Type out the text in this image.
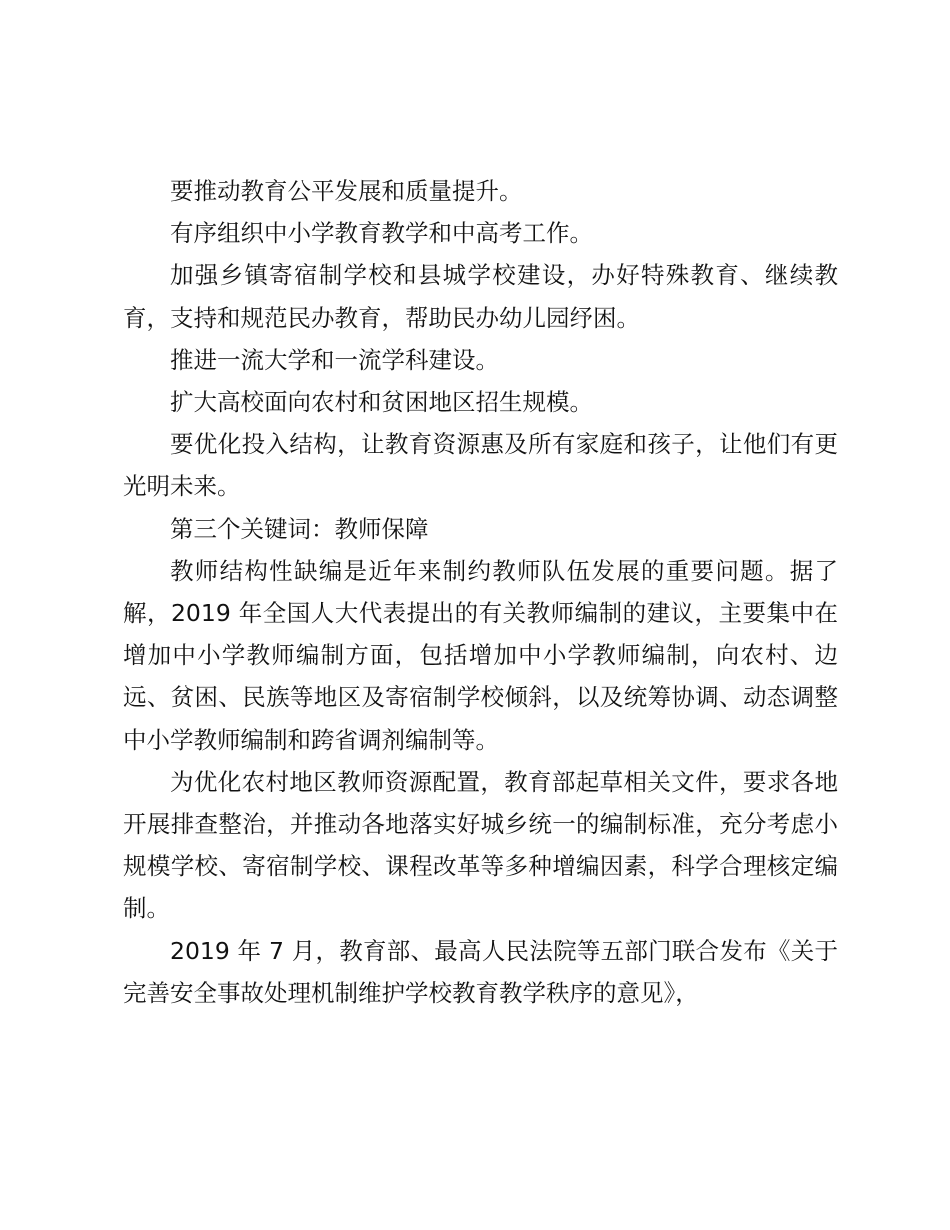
要推动教育公平发展和质量提升。

有序组织中小学教育教学和中高考工作。

加强乡镇寄宿制学校和县城学校建设，办好特殊教育、继续教育，支持和规范民办教育，帮助民办幼儿园纾困。

推进一流大学和一流学科建设。

扩大高校面向农村和贫困地区招生规模。

要优化投入结构，让教育资源惠及所有家庭和孩子，让他们有更光明未来。

第三个关键词：教师保障

教师结构性缺编是近年来制约教师队伍发展的重要问题。据了解，2019 年全国人大代表提出的有关教师编制的建议，主要集中在增加中小学教师编制方面，包括增加中小学教师编制，向农村、边远、贫困、民族等地区及寄宿制学校倾斜，以及统筹协调、动态调整中小学教师编制和跨省调剂编制等。

为优化农村地区教师资源配置，教育部起草相关文件，要求各地开展排查整治，并推动各地落实好城乡统一的编制标准，充分考虑小规模学校、寄宿制学校、课程改革等多种增编因素，科学合理核定编制。

2019 年 7 月，教育部、最高人民法院等五部门联合发布《关于完善安全事故处理机制维护学校教育教学秩序的意见》，
